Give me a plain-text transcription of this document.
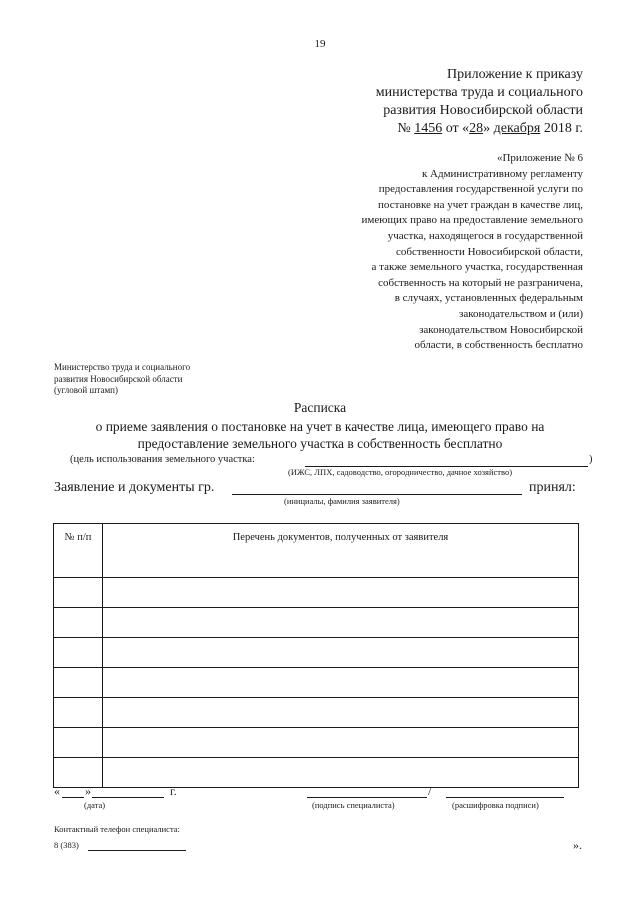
19
Приложение к приказу
министерства труда и социального
развития Новосибирской области
№ 1456 от «28» декабря 2018 г.
«Приложение № 6
к Административному регламенту
предоставления государственной услуги по
постановке на учет граждан в качестве лиц,
имеющих право на предоставление земельного
участка, находящегося в государственной
собственности Новосибирской области,
а также земельного участка, государственная
собственность на который не разграничена,
в случаях, установленных федеральным
законодательством и (или)
законодательством Новосибирской
области, в собственность бесплатно
Министерство труда и социального
развития Новосибирской области
(угловой штамп)
Расписка
о приеме заявления о постановке на учет в качестве лица, имеющего право на
предоставление земельного участка в собственность бесплатно
(цель использования земельного участка:	)
(ИЖС, ЛПХ, садоводство, огородничество, дачное хозяйство)
Заявление и документы гр.	принял:
(инициалы, фамилия заявителя)
№ п/п	Перечень документов, полученных от заявителя

« »	г.	/
(дата)	(подпись специалиста)	(расшифровка подписи)
Контактный телефон специалиста:
8 (383)	».
